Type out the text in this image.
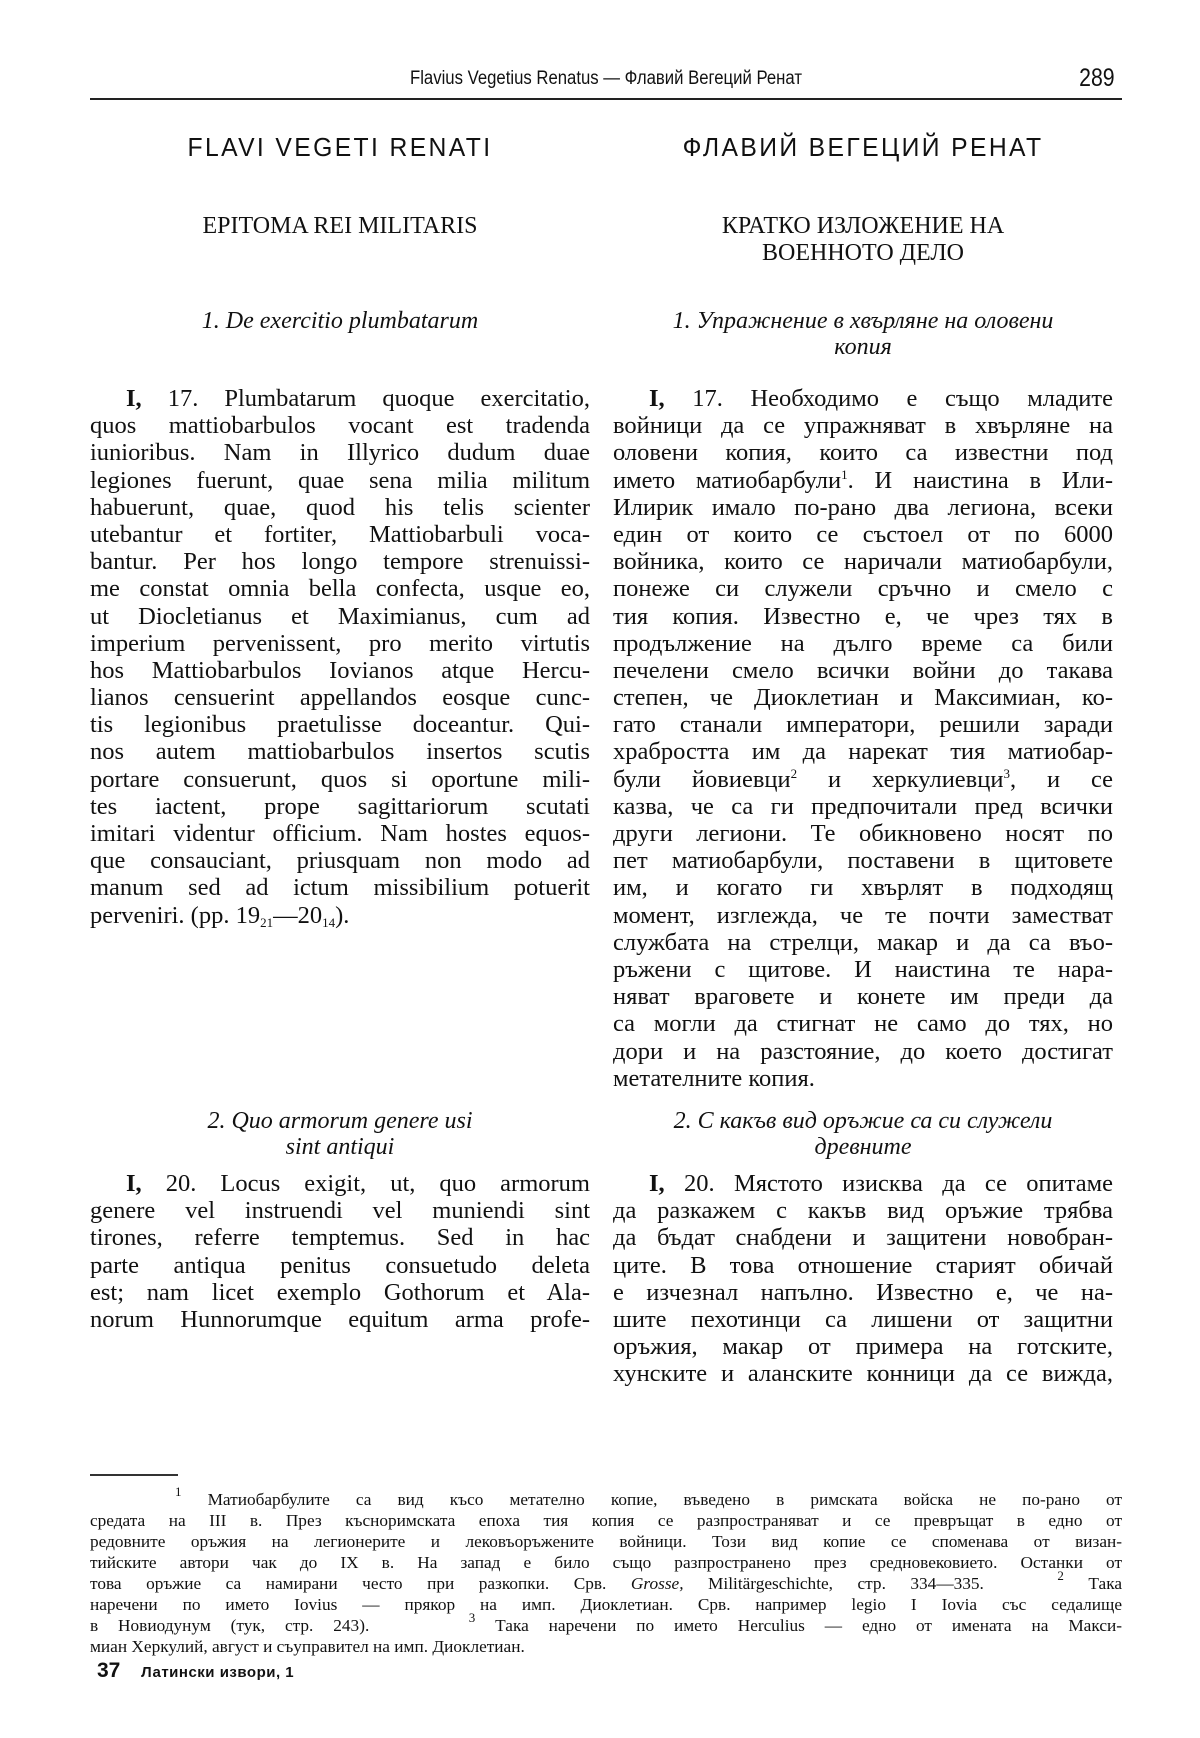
Flavius Vegetius Renatus — Флавий Вегеций Ренат	289
FLAVI VEGETI RENATI
EPITOMA REI MILITARIS
1. De exercitio plumbatarum
I, 17. Plumbatarum quoque exercitatio,
quos mattiobarbulos vocant est tradenda
iunioribus. Nam in Illyrico dudum duae
legiones fuerunt, quae sena milia militum
habuerunt, quae, quod his telis scienter
utebantur et fortiter, Mattiobarbuli voca-
bantur. Per hos longo tempore strenuissi-
me constat omnia bella confecta, usque eo,
ut Diocletianus et Maximianus, cum ad
imperium pervenissent, pro merito virtutis
hos Mattiobarbulos Iovianos atque Hercu-
lianos censuerint appellandos eosque cunc-
tis legionibus praetulisse doceantur. Qui-
nos autem mattiobarbulos insertos scutis
portare consuerunt, quos si oportune mili-
tes iactent, prope sagittariorum scutati
imitari videntur officium. Nam hostes equos-
que consauciant, priusquam non modo ad
manum sed ad ictum missibilium potuerit
perveniri. (pp. $19_{21}—20_{14}$).
2. Quo armorum genere usi
sint antiqui
I, 20. Locus exigit, ut, quo armorum
genere vel instruendi vel muniendi sint
tirones, referre temptemus. Sed in hac
parte antiqua penitus consuetudo deleta
est; nam licet exemplo Gothorum et Ala-
norum Hunnorumque equitum arma profe-
ФЛАВИЙ ВЕГЕЦИЙ РЕНАТ
КРАТКО ИЗЛОЖЕНИЕ НА
ВОЕННОТО ДЕЛО
1. Упражнение в хвърляне на оловени
копия
I, 17. Необходимо е също младите
войници да се упражняват в хвърляне на
оловени копия, които са известни под
името матиобарбули$^1$. И наистина в Или-
Илирик имало по-рано два легиона, всеки
един от които се състоел от по 6000
войника, които се наричали матиобарбули,
понеже си служели сръчно и смело с
тия копия. Известно е, че чрез тях в
продължение на дълго време са били
печелени смело всички войни до такава
степен, че Диоклетиан и Максимиан, ко-
гато станали императори, решили заради
храбростта им да нарекат тия матиобар-
були йовиевци$^2$ и херкулиевци$^3$, и се
казва, че са ги предпочитали пред всички
други легиони. Те обикновено носят по
пет матиобарбули, поставени в щитовете
им, и когато ги хвърлят в подходящ
момент, изглежда, че те почти заместват
службата на стрелци, макар и да са въо-
ръжени с щитове. И наистина те нара-
няват враговете и конете им преди да
са могли да стигнат не само до тях, но
дори и на разстояние, до което достигат
метателните копия.
2. С какъв вид оръжие са си служели
древните
I, 20. Мястото изисква да се опитаме
да разкажем с какъв вид оръжие трябва
да бъдат снабдени и защитени новобран-
ците. В това отношение старият обичай
е изчезнал напълно. Известно е, че на-
шите пехотинци са лишени от защитни
оръжия, макар от примера на готските,
хунските и аланските конници да се вижда,
$^1$ Матиобарбулите са вид късо метателно копие, въведено в римската войска не по-рано от
средата на III в. През късноримската епоха тия копия се разпространяват и се превръщат в едно от
редовните оръжия на легионерите и лековъоръжените войници. Този вид копие се споменава от визан-
тийските автори чак до IX в. На запад е било също разпространено през средновековието. Останки от
това оръжие са намирани често при разкопки. Срв. Grosse, Militärgeschichte, стр. 334—335.	$^2$ Така
наречени по името Iovius — прякор на имп. Диоклетиан. Срв. например legio I Iovia със седалище
в Новиодунум (тук, стр. 243).	$^3$ Така наречени по името Herculius — едно от имената на Макси-
миан Херкулий, август и съуправител на имп. Диоклетиан.
37 Латински извори, 1
